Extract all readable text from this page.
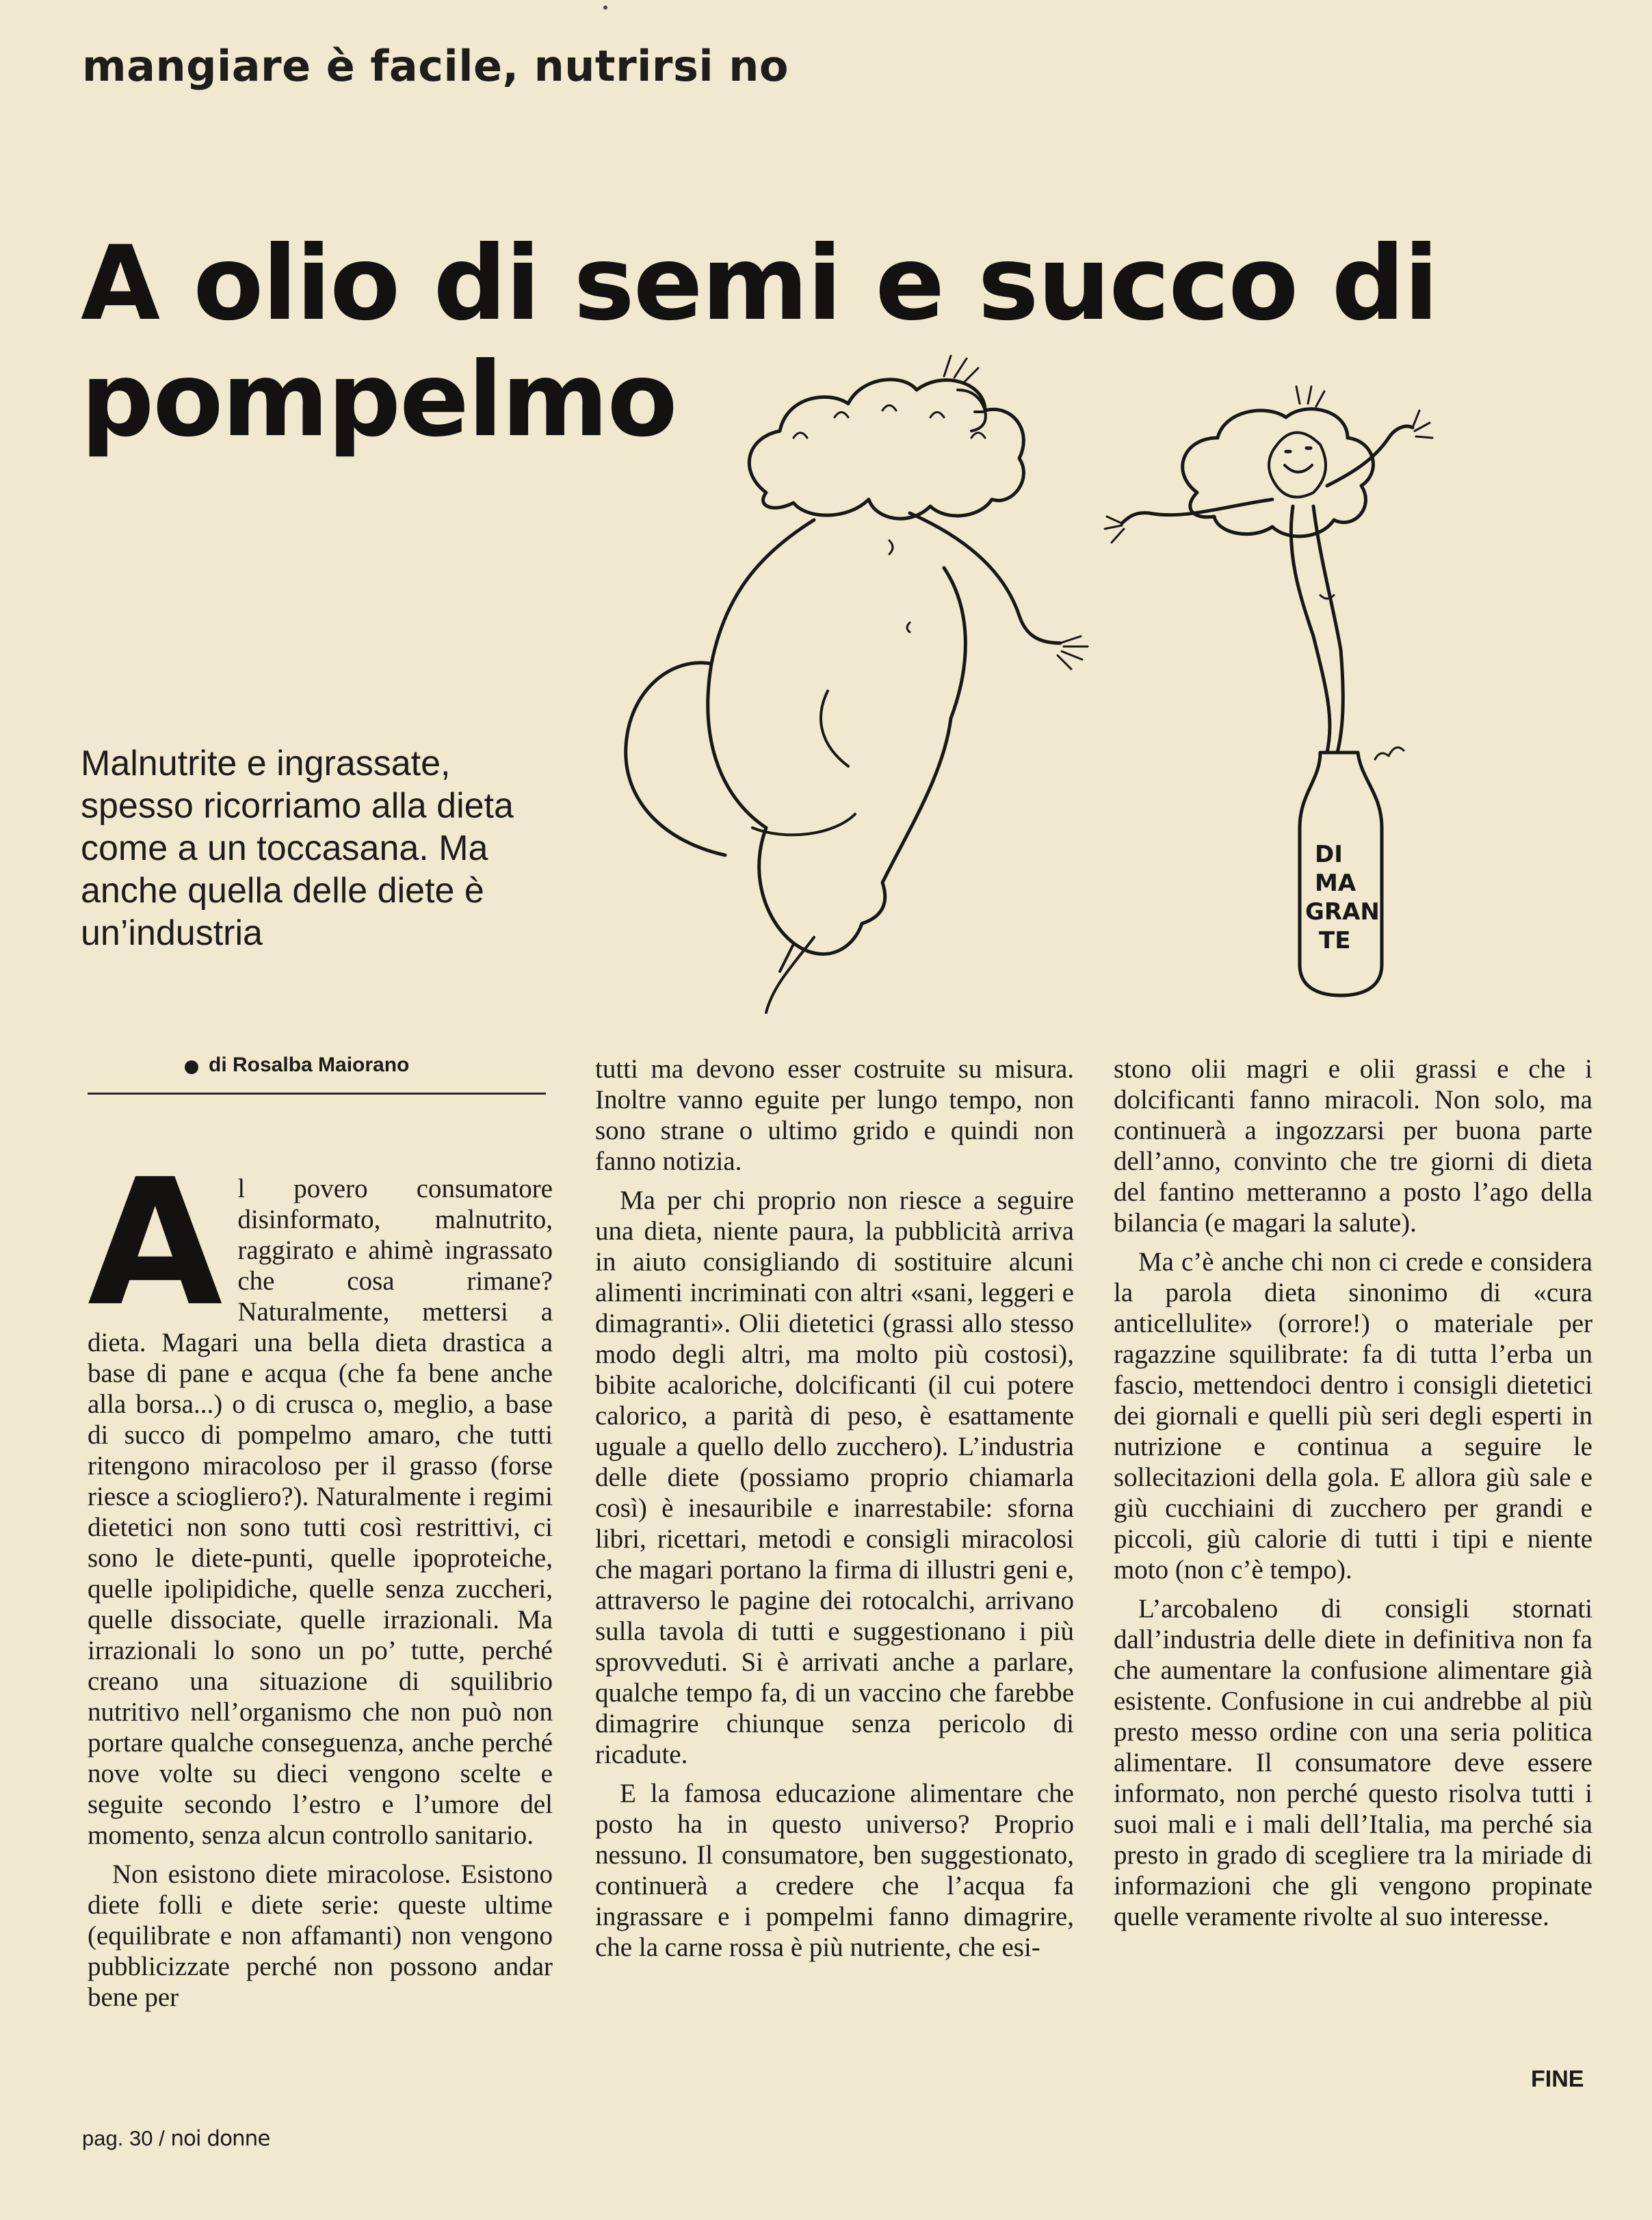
mangiare è facile, nutrirsi no
A olio di semi e succo di pompelmo
DI
MA
GRAN
TE
Malnutrite e ingrassate, spesso ricorriamo alla dieta come a un toccasana. Ma anche quella delle diete è un’industria
di Rosalba Maiorano
A l povero consumatore disinformato, malnutrito, raggirato e ahimè ingrassato che cosa rimane? Naturalmente, mettersi a dieta. Magari una bella dieta drastica a base di pane e acqua (che fa bene anche alla borsa...) o di crusca o, meglio, a base di succo di pompelmo amaro, che tutti ritengono miracoloso per il grasso (forse riesce a sciogliero?). Naturalmente i regimi dietetici non sono tutti così restrittivi, ci sono le diete-punti, quelle ipoproteiche, quelle ipolipidiche, quelle senza zuccheri, quelle dissociate, quelle irrazionali. Ma irrazionali lo sono un po’ tutte, perché creano una situazione di squilibrio nutritivo nell’organismo che non può non portare qualche conseguenza, anche perché nove volte su dieci vengono scelte e seguite secondo l’estro e l’umore del momento, senza alcun controllo sanitario.

Non esistono diete miracolose. Esistono diete folli e diete serie: queste ultime (equilibrate e non affamanti) non vengono pubblicizzate perché non possono andar bene per

tutti ma devono esser costruite su misura. Inoltre vanno eguite per lungo tempo, non sono strane o ultimo grido e quindi non fanno notizia.

Ma per chi proprio non riesce a seguire una dieta, niente paura, la pubblicità arriva in aiuto consigliando di sostituire alcuni alimenti incriminati con altri «sani, leggeri e dimagranti». Olii dietetici (grassi allo stesso modo degli altri, ma molto più costosi), bibite acaloriche, dolcificanti (il cui potere calorico, a parità di peso, è esattamente uguale a quello dello zucchero). L’industria delle diete (possiamo proprio chiamarla così) è inesauribile e inarrestabile: sforna libri, ricettari, metodi e consigli miracolosi che magari portano la firma di illustri geni e, attraverso le pagine dei rotocalchi, arrivano sulla tavola di tutti e suggestionano i più sprovveduti. Si è arrivati anche a parlare, qualche tempo fa, di un vaccino che farebbe dimagrire chiunque senza pericolo di ricadute.

E la famosa educazione alimentare che posto ha in questo universo? Proprio nessuno. Il consumatore, ben suggestionato, continuerà a credere che l’acqua fa ingrassare e i pompelmi fanno dimagrire, che la carne rossa è più nutriente, che esi-

stono olii magri e olii grassi e che i dolcificanti fanno miracoli. Non solo, ma continuerà a ingozzarsi per buona parte dell’anno, convinto che tre giorni di dieta del fantino metteranno a posto l’ago della bilancia (e magari la salute).

Ma c’è anche chi non ci crede e considera la parola dieta sinonimo di «cura anticellulite» (orrore!) o materiale per ragazzine squilibrate: fa di tutta l’erba un fascio, mettendoci dentro i consigli dietetici dei giornali e quelli più seri degli esperti in nutrizione e continua a seguire le sollecitazioni della gola. E allora giù sale e giù cucchiaini di zucchero per grandi e piccoli, giù calorie di tutti i tipi e niente moto (non c’è tempo).

L’arcobaleno di consigli stornati dall’industria delle diete in definitiva non fa che aumentare la confusione alimentare già esistente. Confusione in cui andrebbe al più presto messo ordine con una seria politica alimentare. Il consumatore deve essere informato, non perché questo risolva tutti i suoi mali e i mali dell’Italia, ma perché sia presto in grado di scegliere tra la miriade di informazioni che gli vengono propinate quelle veramente rivolte al suo interesse.

FINE
pag. 30 / noi donne
